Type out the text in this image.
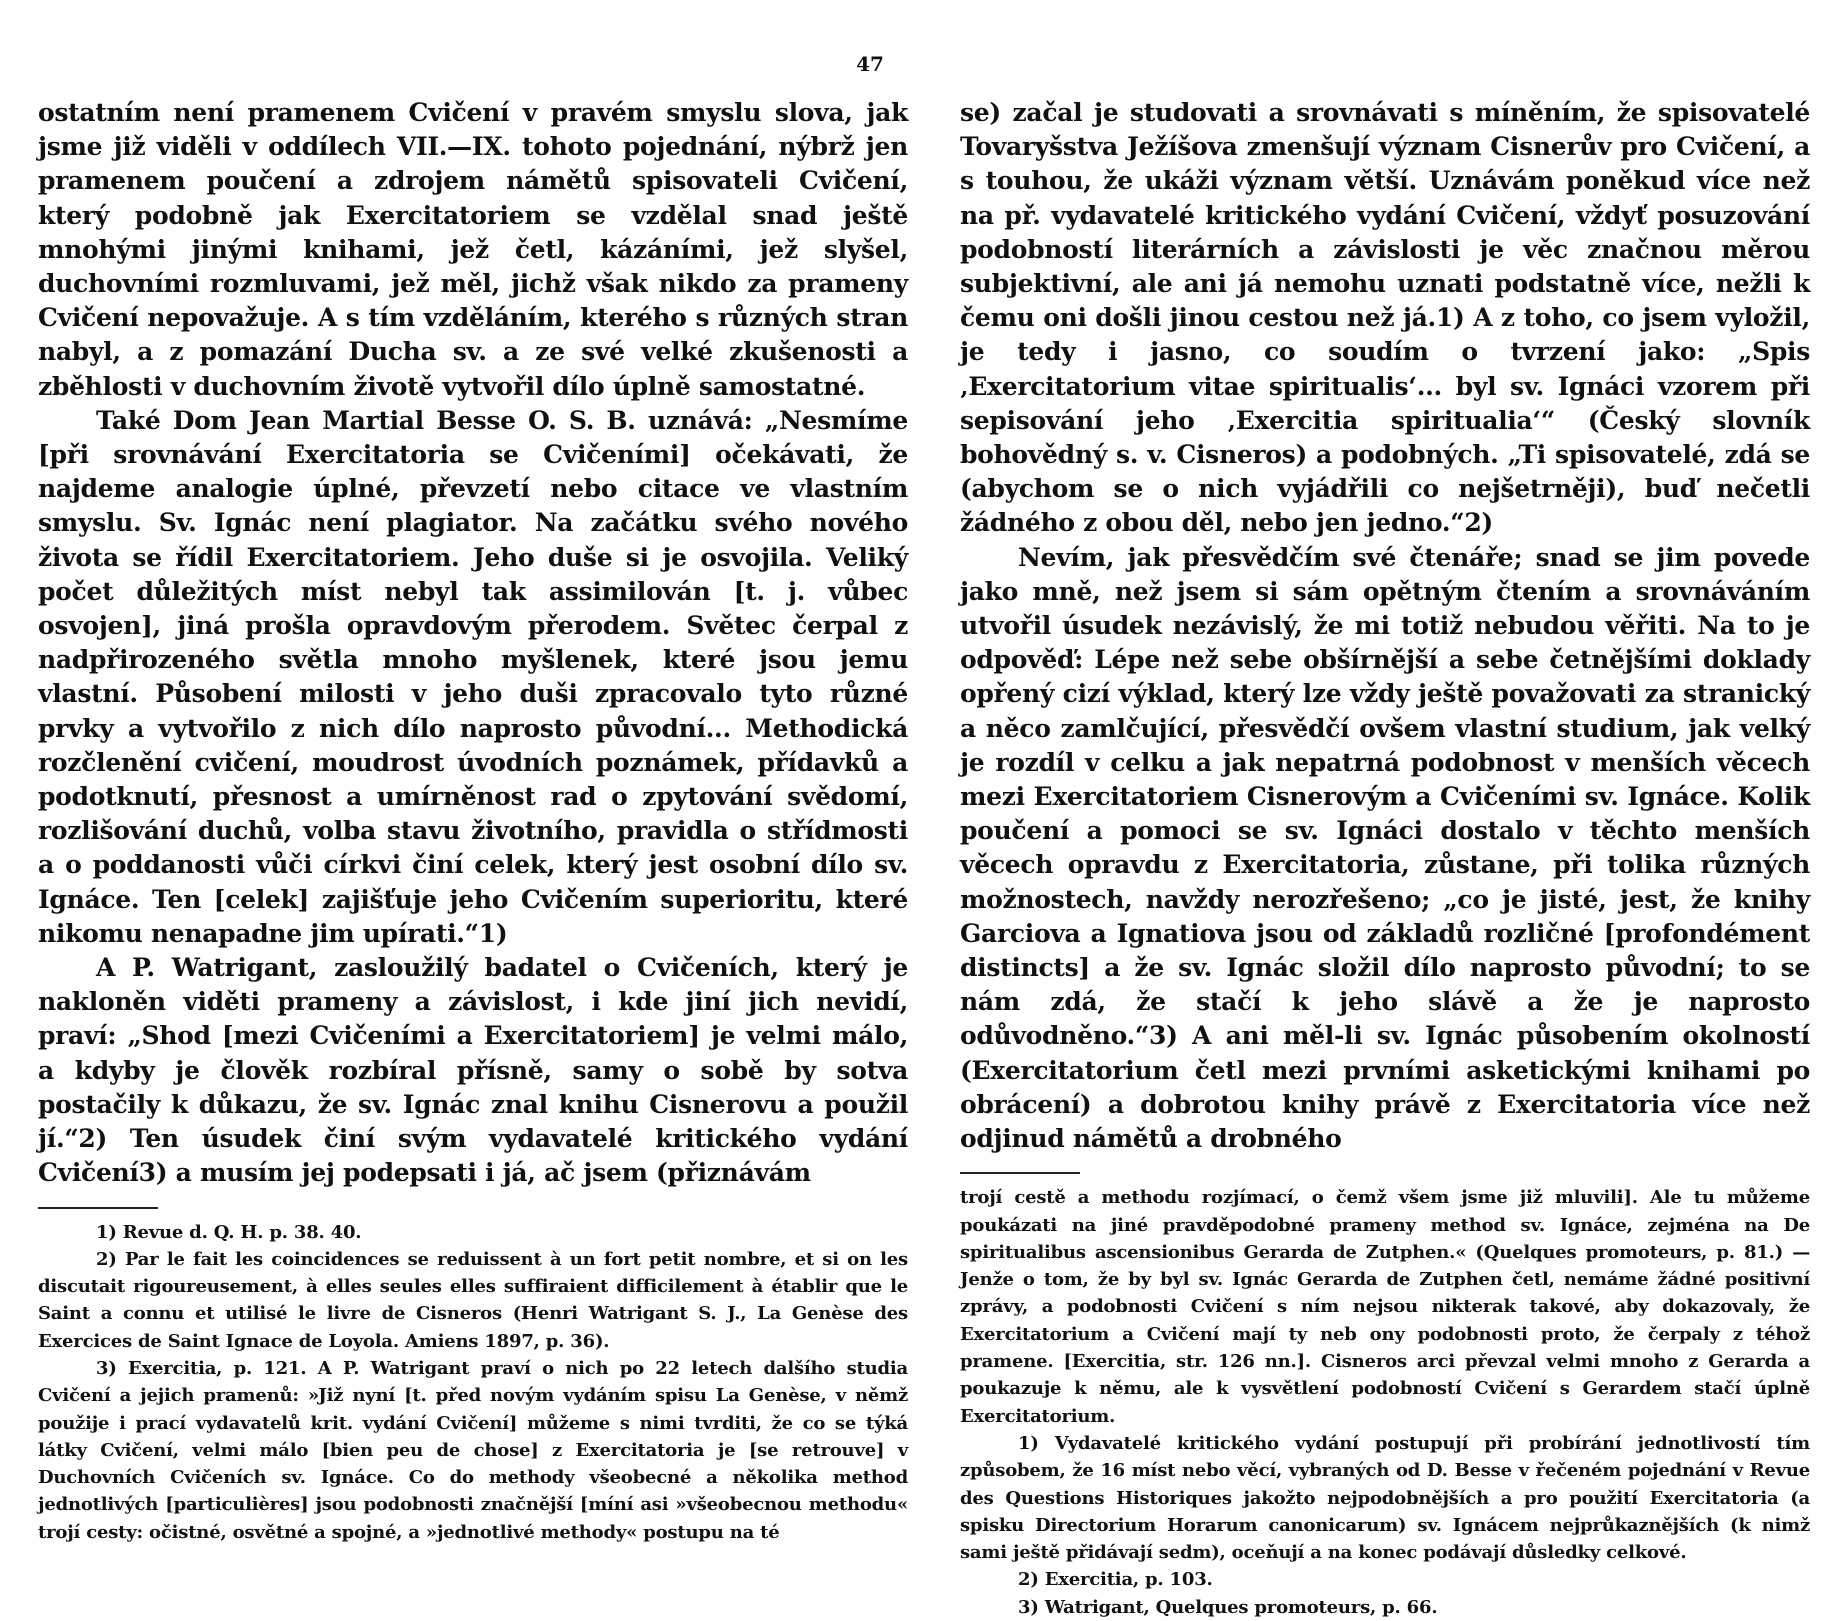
47

ostatním není pramenem Cvičení v pravém smyslu slova, jak jsme již viděli v oddílech VII.—IX. tohoto pojednání, nýbrž jen pramenem poučení a zdrojem námětů spisovateli Cvičení, který podobně jak Exercitatoriem se vzdělal snad ještě mnohými jinými knihami, jež četl, kázáními, jež slyšel, duchovními rozmluvami, jež měl, jichž však nikdo za prameny Cvičení nepovažuje. A s tím vzděláním, kterého s různých stran nabyl, a z pomazání Ducha sv. a ze své velké zkušenosti a zběhlosti v duchovním životě vytvořil dílo úplně samostatné.

Také Dom Jean Martial Besse O. S. B. uznává: „Nesmíme [při srovnávání Exercitatoria se Cvičeními] očekávati, že najdeme analogie úplné, převzetí nebo citace ve vlastním smyslu. Sv. Ignác není plagiator. Na začátku svého nového života se řídil Exercitatoriem. Jeho duše si je osvojila. Veliký počet důležitých míst nebyl tak assimilován [t. j. vůbec osvojen], jiná prošla opravdovým přerodem. Světec čerpal z nadpřirozeného světla mnoho myšlenek, které jsou jemu vlastní. Působení milosti v jeho duši zpracovalo tyto různé prvky a vytvořilo z nich dílo naprosto původní... Methodická rozčlenění cvičení, moudrost úvodních poznámek, přídavků a podotknutí, přesnost a umírněnost rad o zpytování svědomí, rozlišování duchů, volba stavu životního, pravidla o střídmosti a o poddanosti vůči církvi činí celek, který jest osobní dílo sv. Ignáce. Ten [celek] zajišťuje jeho Cvičením superioritu, které nikomu nenapadne jim upírati.“1)

A P. Watrigant, zasloužilý badatel o Cvičeních, který je nakloněn viděti prameny a závislost, i kde jiní jich nevidí, praví: „Shod [mezi Cvičeními a Exercitatoriem] je velmi málo, a kdyby je člověk rozbíral přísně, samy o sobě by sotva postačily k důkazu, že sv. Ignác znal knihu Cisnerovu a použil jí.“2) Ten úsudek činí svým vydavatelé kritického vydání Cvičení3) a musím jej podepsati i já, ač jsem (přiznávám

1) Revue d. Q. H. p. 38. 40.

2) Par le fait les coincidences se reduissent à un fort petit nombre, et si on les discutait rigoureusement, à elles seules elles suffiraient difficilement à établir que le Saint a connu et utilisé le livre de Cisneros (Henri Watrigant S. J., La Genèse des Exercices de Saint Ignace de Loyola. Amiens 1897, p. 36).

3) Exercitia, p. 121. A P. Watrigant praví o nich po 22 letech dalšího studia Cvičení a jejich pramenů: »Již nyní [t. před novým vydáním spisu La Genèse, v němž použije i prací vydavatelů krit. vydání Cvičení] můžeme s nimi tvrditi, že co se týká látky Cvičení, velmi málo [bien peu de chose] z Exercitatoria je [se retrouve] v Duchovních Cvičeních sv. Ignáce. Co do methody všeobecné a několika method jednotlivých [particulières] jsou podobnosti značnější [míní asi »všeobecnou methodu« trojí cesty: očistné, osvětné a spojné, a »jednotlivé methody« postupu na té

se) začal je studovati a srovnávati s míněním, že spisovatelé Tovaryšstva Ježíšova zmenšují význam Cisnerův pro Cvičení, a s touhou, že ukáži význam větší. Uznávám poněkud více než na př. vydavatelé kritického vydání Cvičení, vždyť posuzování podobností literárních a závislosti je věc značnou měrou subjektivní, ale ani já nemohu uznati podstatně více, nežli k čemu oni došli jinou cestou než já.1) A z toho, co jsem vyložil, je tedy i jasno, co soudím o tvrzení jako: „Spis ‚Exercitatorium vitae spiritualis‘... byl sv. Ignáci vzorem při sepisování jeho ‚Exercitia spiritualia‘“ (Český slovník bohovědný s. v. Cisneros) a podobných. „Ti spisovatelé, zdá se (abychom se o nich vyjádřili co nejšetrněji), buď nečetli žádného z obou děl, nebo jen jedno.“2)

Nevím, jak přesvědčím své čtenáře; snad se jim povede jako mně, než jsem si sám opětným čtením a srovnáváním utvořil úsudek nezávislý, že mi totiž nebudou věřiti. Na to je odpověď: Lépe než sebe obšírnější a sebe četnějšími doklady opřený cizí výklad, který lze vždy ještě považovati za stranický a něco zamlčující, přesvědčí ovšem vlastní studium, jak velký je rozdíl v celku a jak nepatrná podobnost v menších věcech mezi Exercitatoriem Cisnerovým a Cvičeními sv. Ignáce. Kolik poučení a pomoci se sv. Ignáci dostalo v těchto menších věcech opravdu z Exercitatoria, zůstane, při tolika různých možnostech, navždy nerozřešeno; „co je jisté, jest, že knihy Garciova a Ignatiova jsou od základů rozličné [profondément distincts] a že sv. Ignác složil dílo naprosto původní; to se nám zdá, že stačí k jeho slávě a že je naprosto odůvodněno.“3) A ani měl-li sv. Ignác působením okolností (Exercitatorium četl mezi prvními asketickými knihami po obrácení) a dobrotou knihy právě z Exercitatoria více než odjinud námětů a drobného

trojí cestě a methodu rozjímací, o čemž všem jsme již mluvili]. Ale tu můžeme poukázati na jiné pravděpodobné prameny method sv. Ignáce, zejména na De spiritualibus ascensionibus Gerarda de Zutphen.« (Quelques promoteurs, p. 81.) — Jenže o tom, že by byl sv. Ignác Gerarda de Zutphen četl, nemáme žádné positivní zprávy, a podobnosti Cvičení s ním nejsou nikterak takové, aby dokazovaly, že Exercitatorium a Cvičení mají ty neb ony podobnosti proto, že čerpaly z téhož pramene. [Exercitia, str. 126 nn.]. Cisneros arci převzal velmi mnoho z Gerarda a poukazuje k němu, ale k vysvětlení podobností Cvičení s Gerardem stačí úplně Exercitatorium.

1) Vydavatelé kritického vydání postupují při probírání jednotlivostí tím způsobem, že 16 míst nebo věcí, vybraných od D. Besse v řečeném pojednání v Revue des Questions Historiques jakožto nejpodobnějších a pro použití Exercitatoria (a spisku Directorium Horarum canonicarum) sv. Ignácem nejprůkaznějších (k nimž sami ještě přidávají sedm), oceňují a na konec podávají důsledky celkové.

2) Exercitia, p. 103.

3) Watrigant, Quelques promoteurs, p. 66.
